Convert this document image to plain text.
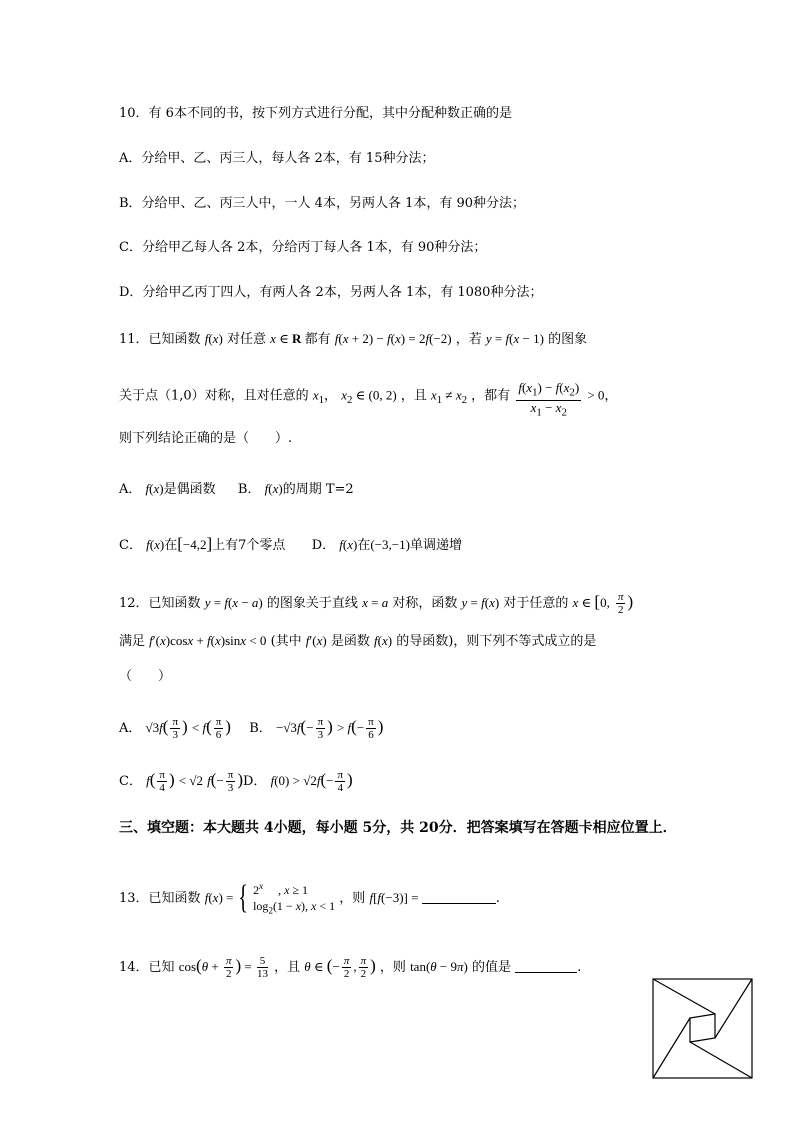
10．有 6本不同的书，按下列方式进行分配，其中分配种数正确的是
A．分给甲、乙、丙三人，每人各 2本，有 15种分法；
B．分给甲、乙、丙三人中，一人 4本，另两人各 1本，有 90种分法；
C．分给甲乙每人各 2本，分给丙丁每人各 1本，有 90种分法；
D．分给甲乙丙丁四人，有两人各 2本，另两人各 1本，有 1080种分法；
11．已知函数 f(x) 对任意 x ∈ R 都有 f(x + 2) − f(x) = 2f(−2) ，若 y = f(x − 1) 的图象
关于点（1,0）对称，且对任意的 $x_1$， $x_2$ ∈ (0, 2) ，且 $x_1 \ne x_2$ ，都有 $\frac{f(x_1) - f(x_2)}{x_1 - x_2} > 0$，
则下列结论正确的是（　　）.
A． f(x)是偶函数 B． f(x)的周期 T=2
C． f(x)在[−4,2]上有7个零点 D． f(x)在(−3,−1)单调递增
12．已知函数 y = f(x − a) 的图象关于直线 x = a 对称，函数 y = f(x) 对于任意的 x ∈ [0, $\frac{\pi}{2}$ )
满足 f′(x)cosx + f(x)sinx < 0 (其中 f′(x) 是函数 f(x) 的导函数)，则下列不等式成立的是
（　　）
A． $√3f( \frac{\pi}{3}$ ) < $f( \frac{\pi}{6}$ ) B． $-√3f(- \frac{\pi}{3}$ ) > $f(- \frac{\pi}{6}$ )
C． $f( \frac{\pi}{4}$ ) < √2 $f(- \frac{\pi}{3} )D$． $f(0) > √2f(- \frac{\pi}{4}$ )
三、填空题：本大题共 4小题，每小题 5分，共 20分．把答案填写在答题卡相应位置上．
13．已知函数 f(x) = { 2$^x$　 , x ≥ 1
$\log_2(1 - x)$, x < 1
，则 f[f(−3)] =	.
14．已知 $\cos(\theta + \frac{\pi}{2}$ ) = $\frac{5}{13}$ ，且 θ ∈ (− $\frac{\pi}{2}$ , $\frac{\pi}{2}$ ) ，则 tan(θ − 9π) 的值是	.
